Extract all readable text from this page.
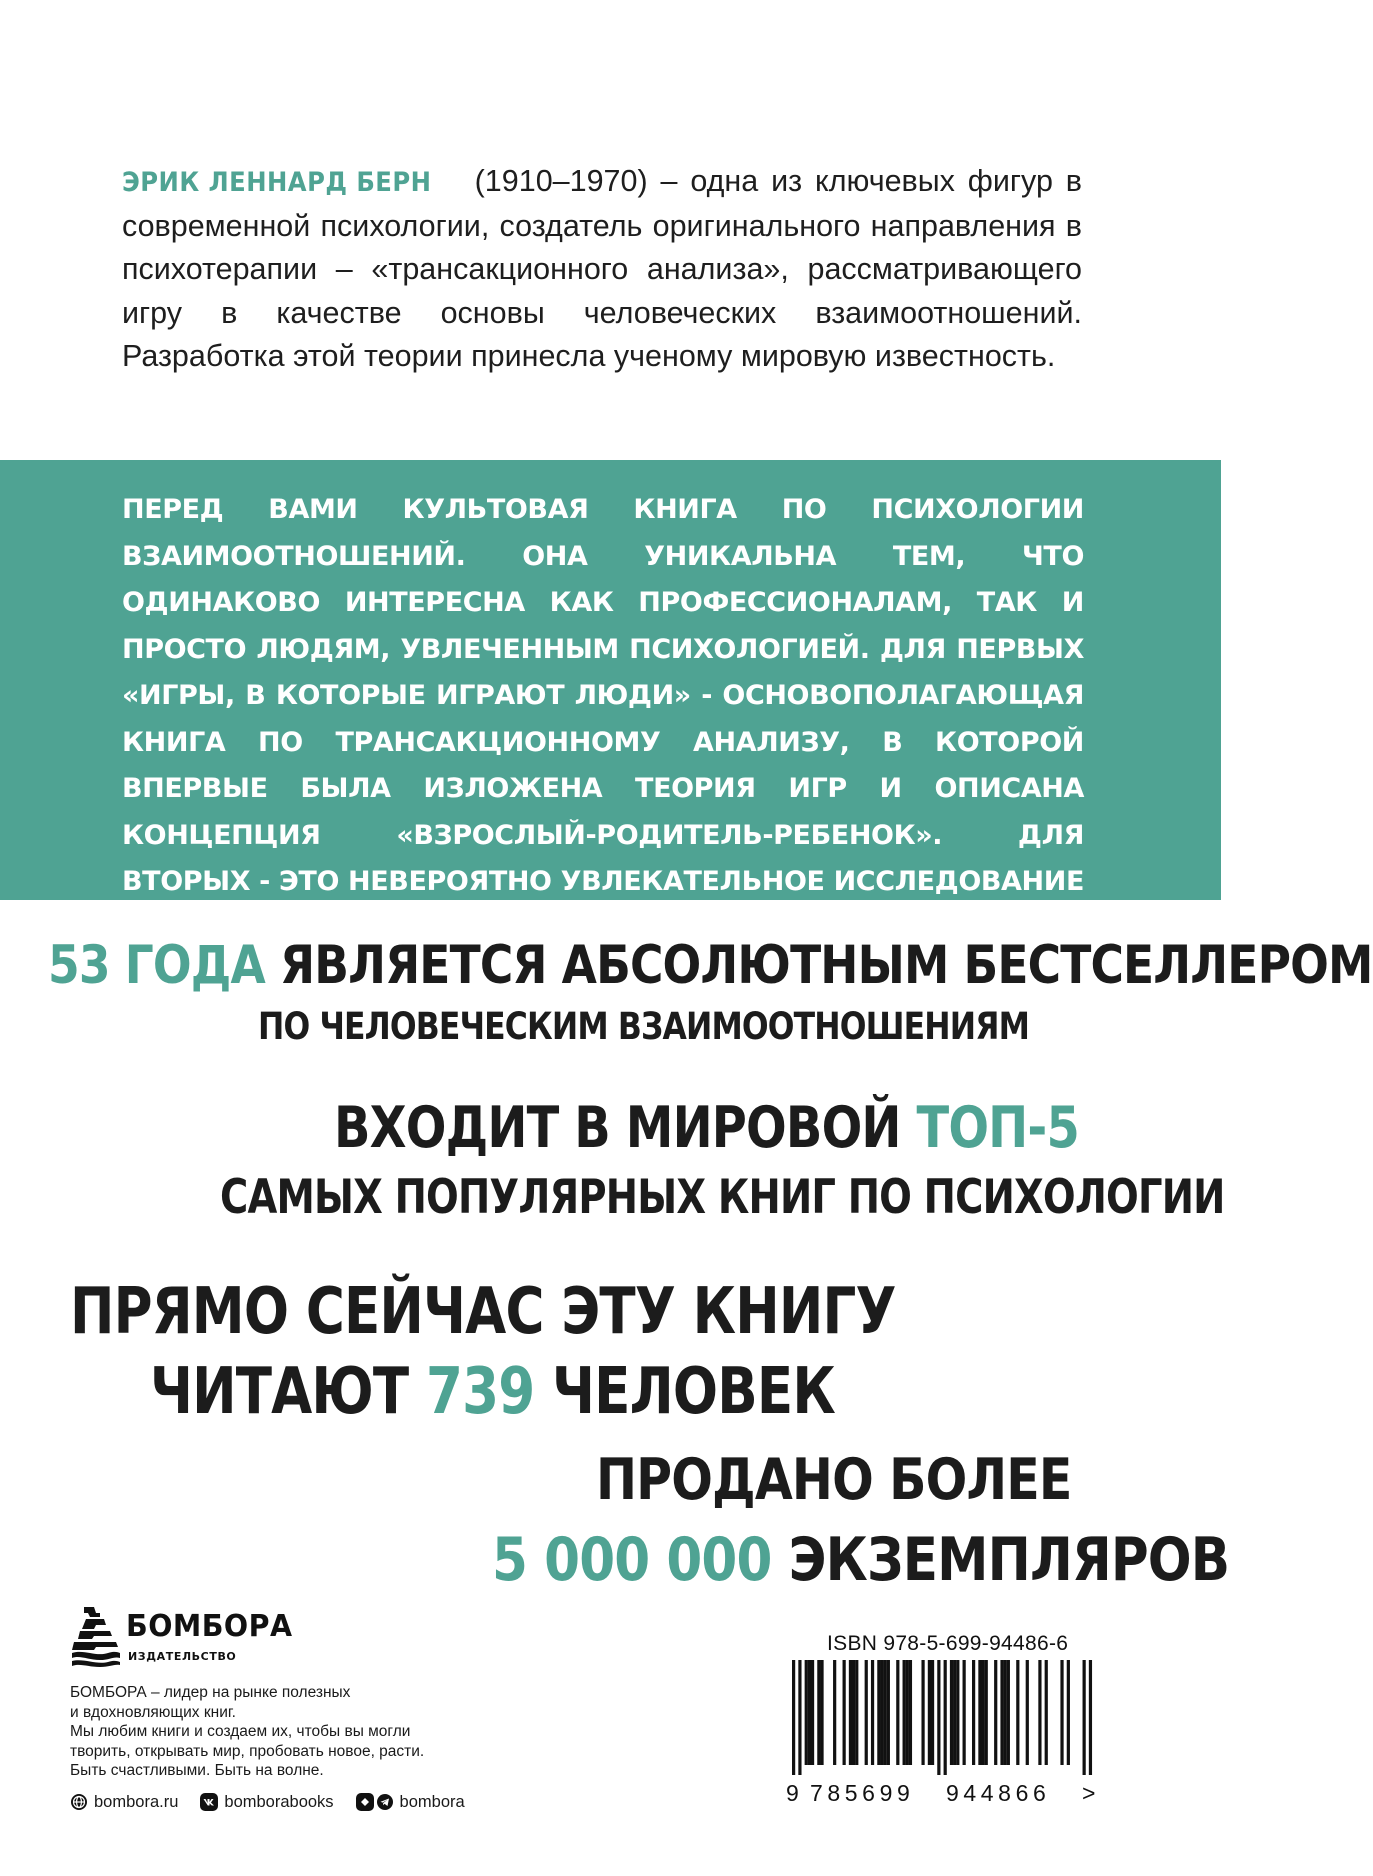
ЭРИК ЛЕННАРД БЕРН (1910–1970) – одна из ключевых фигур в современной психологии, создатель оригинального направления в психотерапии – «трансакционного анализа», рассматривающего игру в качестве основы человеческих взаимоотношений. Разработка этой теории принесла ученому мировую известность.

ПЕРЕД ВАМИ КУЛЬТОВАЯ КНИГА ПО ПСИХОЛОГИИ ВЗАИМООТНОШЕНИЙ. ОНА УНИКАЛЬНА ТЕМ, ЧТО ОДИНАКОВО ИНТЕРЕСНА КАК ПРОФЕССИОНАЛАМ, ТАК И ПРОСТО ЛЮДЯМ, УВЛЕЧЕННЫМ ПСИХОЛОГИЕЙ. ДЛЯ ПЕРВЫХ «ИГРЫ, В КОТОРЫЕ ИГРАЮТ ЛЮДИ» - ОСНОВОПОЛАГАЮЩАЯ КНИГА ПО ТРАНСАКЦИОННОМУ АНАЛИЗУ, В КОТОРОЙ ВПЕРВЫЕ БЫЛА ИЗЛОЖЕНА ТЕОРИЯ ИГР И ОПИСАНА КОНЦЕПЦИЯ «ВЗРОСЛЫЙ-РОДИТЕЛЬ-РЕБЕНОК». ДЛЯ ВТОРЫХ - ЭТО НЕВЕРОЯТНО УВЛЕКАТЕЛЬНОЕ ИССЛЕДОВАНИЕ СКРЫТОГО СМЫСЛА ЧЕЛОВЕЧЕСКИХ ОТНОШЕНИЙ.

53 ГОДА ЯВЛЯЕТСЯ АБСОЛЮТНЫМ БЕСТСЕЛЛЕРОМ
ПО ЧЕЛОВЕЧЕСКИМ ВЗАИМООТНОШЕНИЯМ
ВХОДИТ В МИРОВОЙ ТОП-5
САМЫХ ПОПУЛЯРНЫХ КНИГ ПО ПСИХОЛОГИИ
ПРЯМО СЕЙЧАС ЭТУ КНИГУ
ЧИТАЮТ 739 ЧЕЛОВЕК
ПРОДАНО БОЛЕЕ
5 000 000 ЭКЗЕМПЛЯРОВ
БОМБОРА
ИЗДАТЕЛЬСТВО
БОМБОРА – лидер на рынке полезных
и вдохновляющих книг.
Мы любим книги и создаем их, чтобы вы могли
творить, открывать мир, пробовать новое, расти.
Быть счастливыми. Быть на волне.
bombora.ru	bomborabooks	bombora
ISBN 978-5-699-94486-6
9 785699 944866 >
